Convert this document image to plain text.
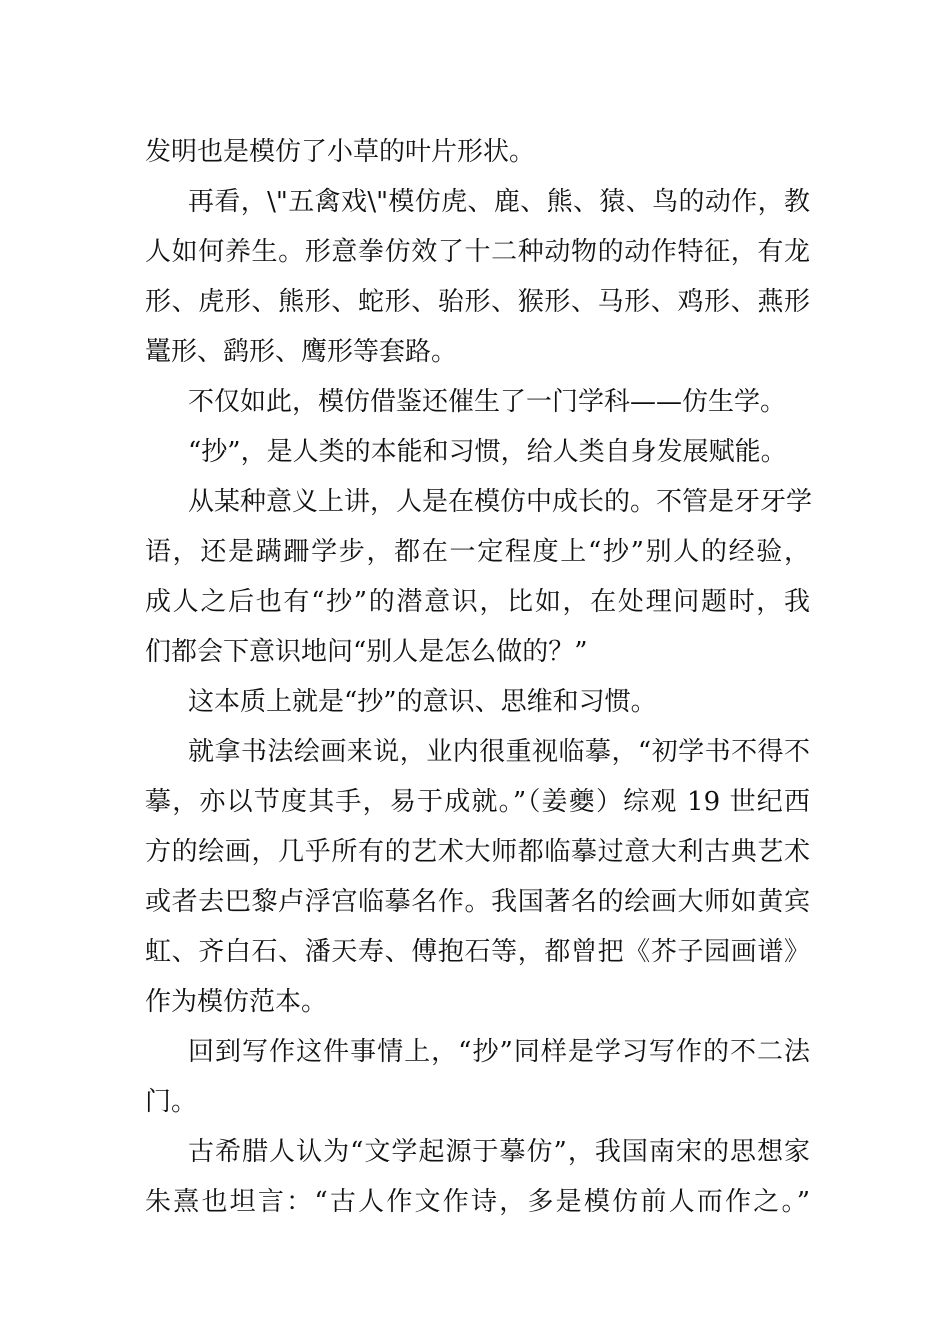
发明也是模仿了小草的叶片形状。
再看，\"五禽戏\"模仿虎、鹿、熊、猿、鸟的动作，教
人如何养生。形意拳仿效了十二种动物的动作特征，有龙
形、虎形、熊形、蛇形、骀形、猴形、马形、鸡形、燕形
鼍形、鹞形、鹰形等套路。
不仅如此，模仿借鉴还催生了一门学科——仿生学。
“抄”，是人类的本能和习惯，给人类自身发展赋能。
从某种意义上讲，人是在模仿中成长的。不管是牙牙学
语，还是蹒跚学步，都在一定程度上“抄”别人的经验，
成人之后也有“抄”的潜意识，比如，在处理问题时，我
们都会下意识地问“别人是怎么做的？”
这本质上就是“抄”的意识、思维和习惯。
就拿书法绘画来说，业内很重视临摹，“初学书不得不
摹，亦以节度其手，易于成就。”（姜夔）综观 19 世纪西
方的绘画，几乎所有的艺术大师都临摹过意大利古典艺术
或者去巴黎卢浮宫临摹名作。我国著名的绘画大师如黄宾
虹、齐白石、潘天寿、傅抱石等，都曾把《芥子园画谱》
作为模仿范本。
回到写作这件事情上，“抄”同样是学习写作的不二法
门。
古希腊人认为“文学起源于摹仿”，我国南宋的思想家
朱熹也坦言：“古人作文作诗，多是模仿前人而作之。”
